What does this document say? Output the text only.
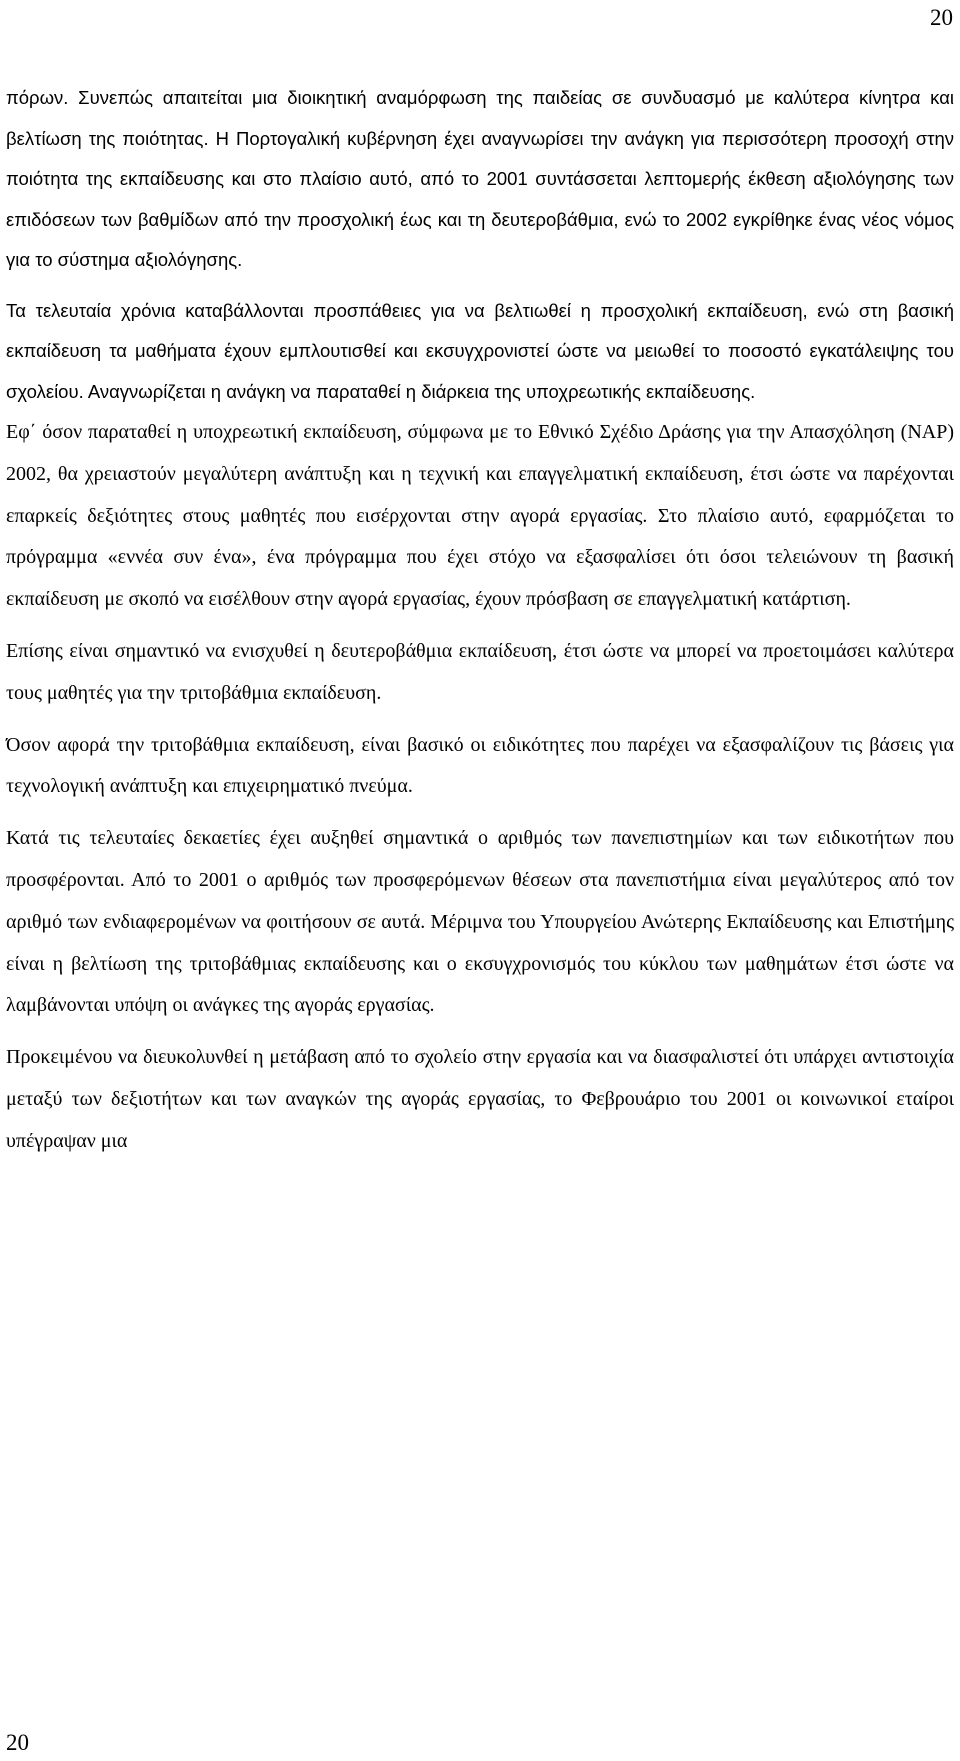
20

πόρων. Συνεπώς απαιτείται μια διοικητική αναμόρφωση της παιδείας σε συνδυασμό με καλύτερα κίνητρα και βελτίωση της ποιότητας. Η Πορτογαλική κυβέρνηση έχει αναγνωρίσει την ανάγκη για περισσότερη προσοχή στην ποιότητα της εκπαίδευσης και στο πλαίσιο αυτό, από το 2001 συντάσσεται λεπτομερής έκθεση αξιολόγησης των επιδόσεων των βαθμίδων από την προσχολική έως και τη δευτεροβάθμια, ενώ το 2002 εγκρίθηκε ένας νέος νόμος για το σύστημα αξιολόγησης.

Τα τελευταία χρόνια καταβάλλονται προσπάθειες για να βελτιωθεί η προσχολική εκπαίδευση, ενώ στη βασική εκπαίδευση τα μαθήματα έχουν εμπλουτισθεί και εκσυγχρονιστεί ώστε να μειωθεί το ποσοστό εγκατάλειψης του σχολείου. Αναγνωρίζεται η ανάγκη να παραταθεί η διάρκεια της υποχρεωτικής εκπαίδευσης.

Εφ΄ όσον παραταθεί η υποχρεωτική εκπαίδευση, σύμφωνα με το Εθνικό Σχέδιο Δράσης για την Απασχόληση (ΝΑΡ) 2002, θα χρειαστούν μεγαλύτερη ανάπτυξη και η τεχνική και επαγγελματική εκπαίδευση, έτσι ώστε να παρέχονται επαρκείς δεξιότητες στους μαθητές που εισέρχονται στην αγορά εργασίας. Στο πλαίσιο αυτό, εφαρμόζεται το πρόγραμμα «εννέα συν ένα», ένα πρόγραμμα που έχει στόχο να εξασφαλίσει ότι όσοι τελειώνουν τη βασική εκπαίδευση με σκοπό να εισέλθουν στην αγορά εργασίας, έχουν πρόσβαση σε επαγγελματική κατάρτιση.

Επίσης είναι σημαντικό να ενισχυθεί η δευτεροβάθμια εκπαίδευση, έτσι ώστε να μπορεί να προετοιμάσει καλύτερα τους μαθητές για την τριτοβάθμια εκπαίδευση.

Όσον αφορά την τριτοβάθμια εκπαίδευση, είναι βασικό οι ειδικότητες που παρέχει να εξασφαλίζουν τις βάσεις για τεχνολογική ανάπτυξη και επιχειρηματικό πνεύμα.

Κατά τις τελευταίες δεκαετίες έχει αυξηθεί σημαντικά ο αριθμός των πανεπιστημίων και των ειδικοτήτων που προσφέρονται. Από το 2001 ο αριθμός των προσφερόμενων θέσεων στα πανεπιστήμια είναι μεγαλύτερος από τον αριθμό των ενδιαφερομένων να φοιτήσουν σε αυτά. Μέριμνα του Υπουργείου Ανώτερης Εκπαίδευσης και Επιστήμης είναι η βελτίωση της τριτοβάθμιας εκπαίδευσης και ο εκσυγχρονισμός του κύκλου των μαθημάτων έτσι ώστε να λαμβάνονται υπόψη οι ανάγκες της αγοράς εργασίας.

Προκειμένου να διευκολυνθεί η μετάβαση από το σχολείο στην εργασία και να διασφαλιστεί ότι υπάρχει αντιστοιχία μεταξύ των δεξιοτήτων και των αναγκών της αγοράς εργασίας, το Φεβρουάριο του 2001 οι κοινωνικοί εταίροι υπέγραψαν μια

20
